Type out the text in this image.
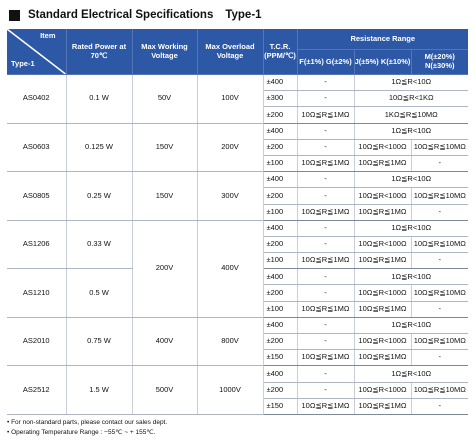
Standard Electrical Specifications Type-1
Item
Type-1	Rated Power at 70℃	Max Working Voltage	Max Overload Voltage	T.C.R. (PPM/℃)	Resistance Range		
					F(±1%) G(±2%)	J(±5%) K(±10%)	M(±20%) N(±30%)
AS0402	0.1 W	50V	100V	±400	-	1Ω≦R<10Ω	
				±300	-	10Ω≦R<1KΩ	
				±200	10Ω≦R≦1MΩ	1KΩ≦R≦10MΩ	
AS0603	0.125 W	150V	200V	±400	-	1Ω≦R<10Ω	
				±200	-	10Ω≦R<100Ω	10Ω≦R≦10MΩ
				±100	10Ω≦R≦1MΩ	10Ω≦R≦1MΩ	-
AS0805	0.25 W	150V	300V	±400	-	1Ω≦R<10Ω	
				±200	-	10Ω≦R<100Ω	10Ω≦R≦10MΩ
				±100	10Ω≦R≦1MΩ	10Ω≦R≦1MΩ	-
AS1206	0.33 W	200V	400V	±400	-	1Ω≦R<10Ω	
				±200	-	10Ω≦R<100Ω	10Ω≦R≦10MΩ
				±100	10Ω≦R≦1MΩ	10Ω≦R≦1MΩ	-
AS1210	0.5 W			±400	-	1Ω≦R<10Ω	
				±200	-	10Ω≦R<100Ω	10Ω≦R≦10MΩ
				±100	10Ω≦R≦1MΩ	10Ω≦R≦1MΩ	-
AS2010	0.75 W	400V	800V	±400	-	1Ω≦R<10Ω	
				±200	-	10Ω≦R<100Ω	10Ω≦R≦10MΩ
				±150	10Ω≦R≦1MΩ	10Ω≦R≦1MΩ	-
AS2512	1.5 W	500V	1000V	±400	-	1Ω≦R<10Ω	
				±200	-	10Ω≦R<100Ω	10Ω≦R≦10MΩ
				±150	10Ω≦R≦1MΩ	10Ω≦R≦1MΩ	-
• For non-standard parts, please contact our sales dept.
• Operating Temperature Range : −55℃ ~ + 155℃.
